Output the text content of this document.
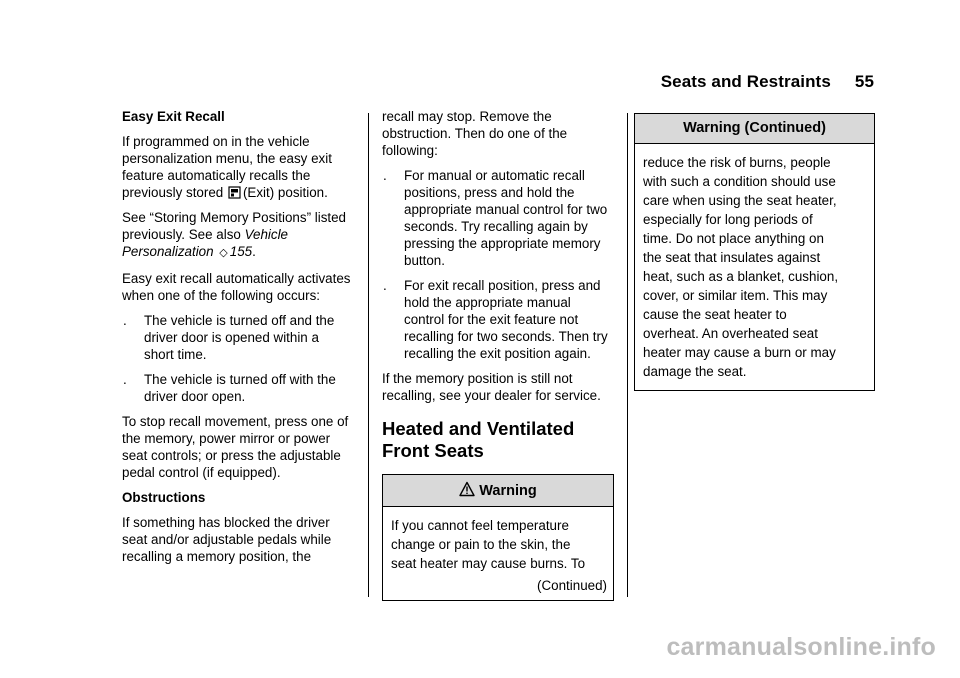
Seats and Restraints 55

Easy Exit Recall

If programmed on in the vehicle personalization menu, the easy exit feature automatically recalls the previously stored (Exit) position.

See “Storing Memory Positions” listed previously. See also Vehicle Personalization ◇ 155.

Easy exit recall automatically activates when one of the following occurs:

. The vehicle is turned off and the driver door is opened within a short time.
. The vehicle is turned off with the driver door open.

To stop recall movement, press one of the memory, power mirror or power seat controls; or press the adjustable pedal control (if equipped).

Obstructions

If something has blocked the driver seat and/or adjustable pedals while recalling a memory position, the

recall may stop. Remove the obstruction. Then do one of the following:

. For manual or automatic recall positions, press and hold the appropriate manual control for two seconds. Try recalling again by pressing the appropriate memory button.
. For exit recall position, press and hold the appropriate manual control for the exit feature not recalling for two seconds. Then try recalling the exit position again.

If the memory position is still not recalling, see your dealer for service.

Heated and Ventilated Front Seats
Warning

If you cannot feel temperature

change or pain to the skin, the

seat heater may cause burns. To

(Continued)
Warning (Continued)

reduce the risk of burns, people

with such a condition should use

care when using the seat heater,

especially for long periods of

time. Do not place anything on

the seat that insulates against

heat, such as a blanket, cushion,

cover, or similar item. This may

cause the seat heater to

overheat. An overheated seat

heater may cause a burn or may

damage the seat.

carmanualsonline.info
